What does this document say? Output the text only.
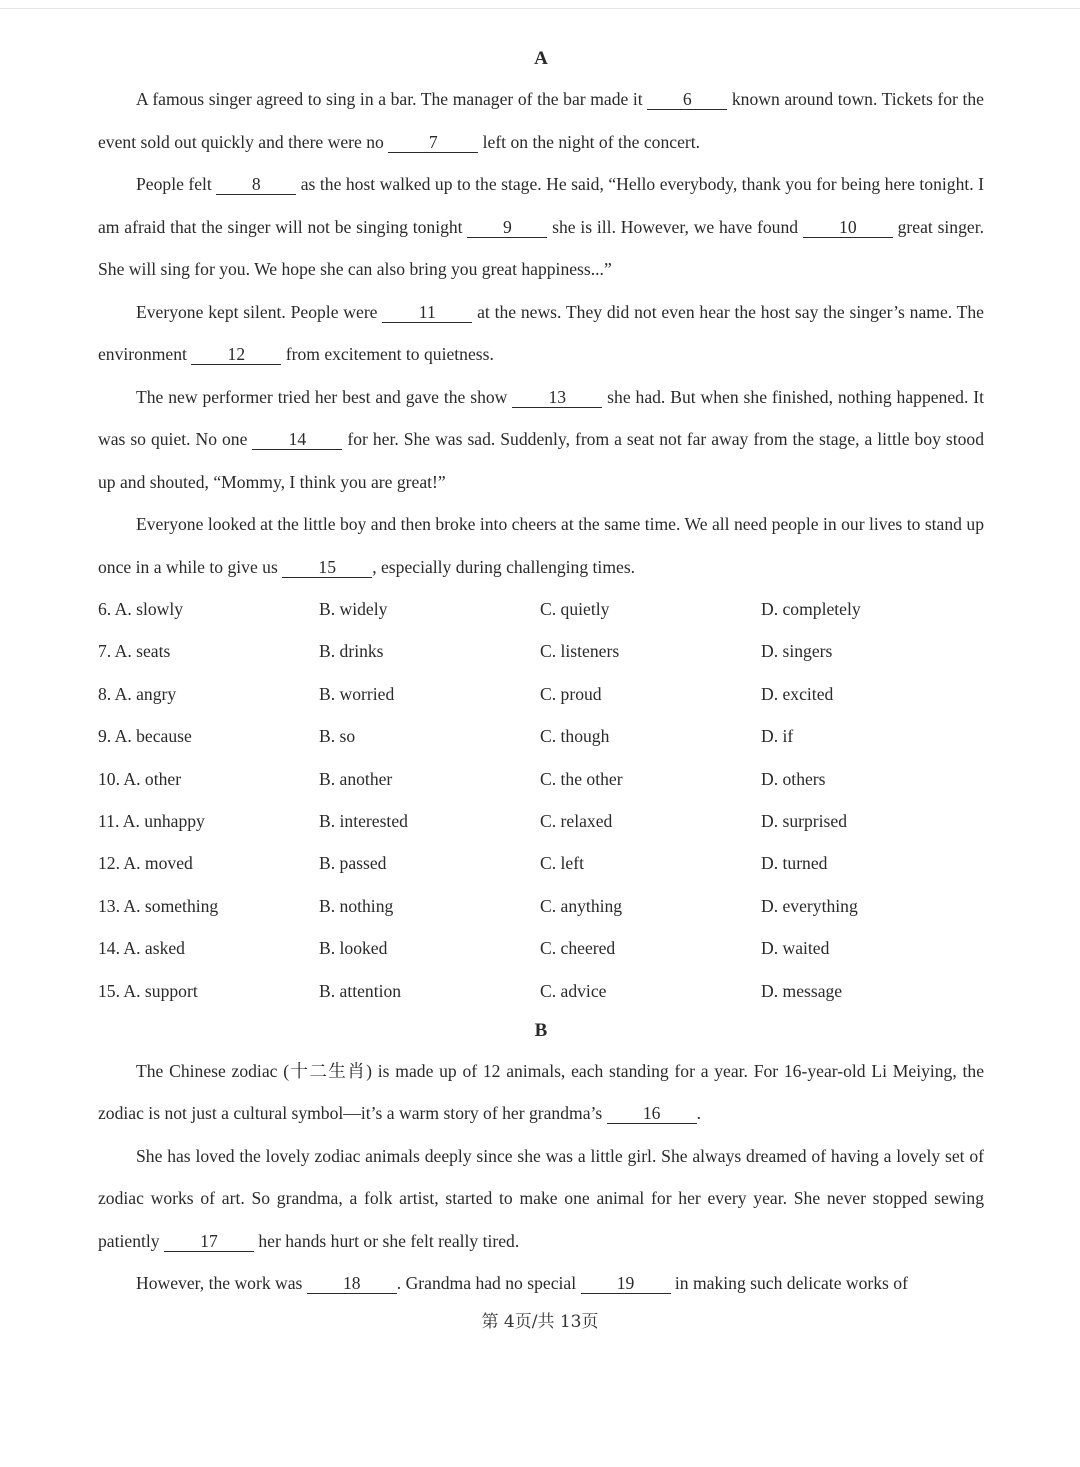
A

A famous singer agreed to sing in a bar. The manager of the bar made it 6 known around town. Tickets for the event sold out quickly and there were no 7 left on the night of the concert.

People felt 8 as the host walked up to the stage. He said, “Hello everybody, thank you for being here tonight. I am afraid that the singer will not be singing tonight 9 she is ill. However, we have found 10 great singer. She will sing for you. We hope she can also bring you great happiness...”

Everyone kept silent. People were 11 at the news. They did not even hear the host say the singer’s name. The environment 12 from excitement to quietness.

The new performer tried her best and gave the show 13 she had. But when she finished, nothing happened. It was so quiet. No one 14 for her. She was sad. Suddenly, from a seat not far away from the stage, a little boy stood up and shouted, “Mommy, I think you are great!”

Everyone looked at the little boy and then broke into cheers at the same time. We all need people in our lives to stand up once in a while to give us 15 , especially during challenging times.

6. A. slowly	B. widely	C. quietly	D. completely
7. A. seats	B. drinks	C. listeners	D. singers
8. A. angry	B. worried	C. proud	D. excited
9. A. because	B. so	C. though	D. if
10. A. other	B. another	C. the other	D. others
11. A. unhappy	B. interested	C. relaxed	D. surprised
12. A. moved	B. passed	C. left	D. turned
13. A. something	B. nothing	C. anything	D. everything
14. A. asked	B. looked	C. cheered	D. waited
15. A. support	B. attention	C. advice	D. message
B

The Chinese zodiac (十二生肖) is made up of 12 animals, each standing for a year. For 16-year-old Li Meiying, the zodiac is not just a cultural symbol—it’s a warm story of her grandma’s 16 .

She has loved the lovely zodiac animals deeply since she was a little girl. She always dreamed of having a lovely set of zodiac works of art. So grandma, a folk artist, started to make one animal for her every year. She never stopped sewing patiently 17 her hands hurt or she felt really tired.

However, the work was 18 . Grandma had no special 19 in making such delicate works of

第 4页/共 13页
